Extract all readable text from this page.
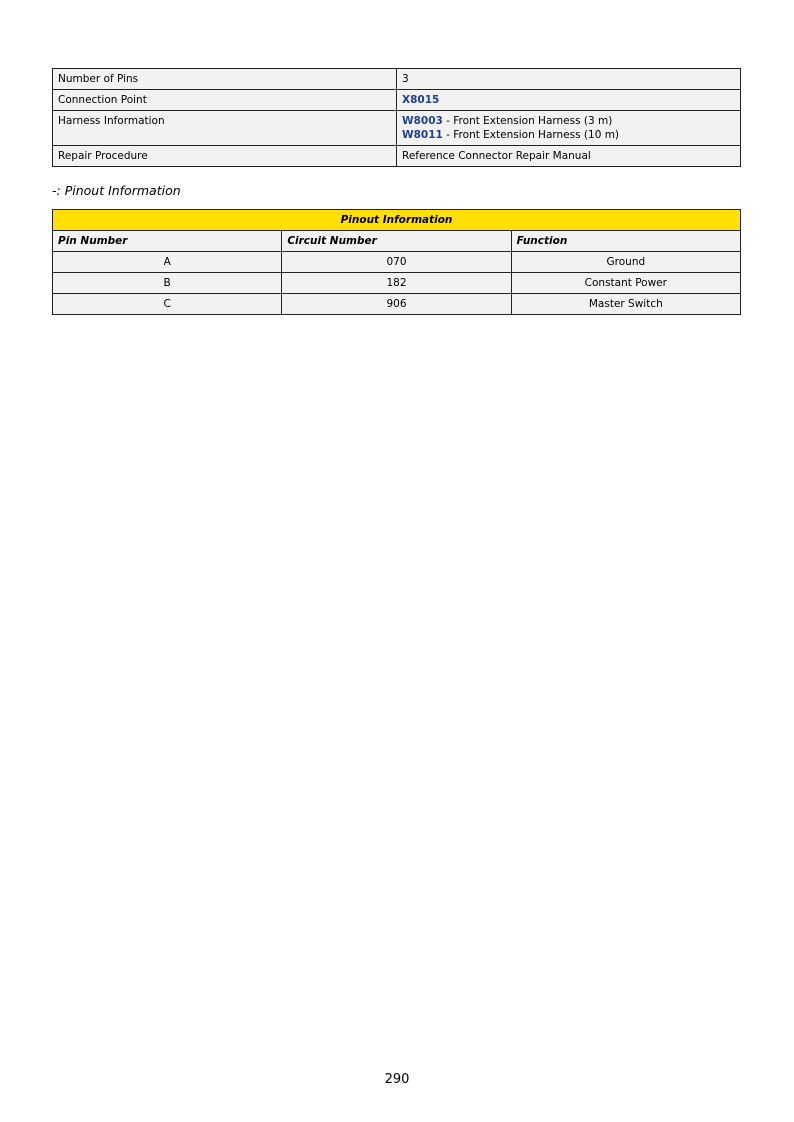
Number of Pins	3
Connection Point	X8015
Harness Information	W8003 - Front Extension Harness (3 m)
W8011 - Front Extension Harness (10 m)

Repair Procedure	Reference Connector Repair Manual

-: Pinout Information

Pinout Information		
Pin Number	Circuit Number	Function
A	070	Ground
B	182	Constant Power
C	906	Master Switch
290
